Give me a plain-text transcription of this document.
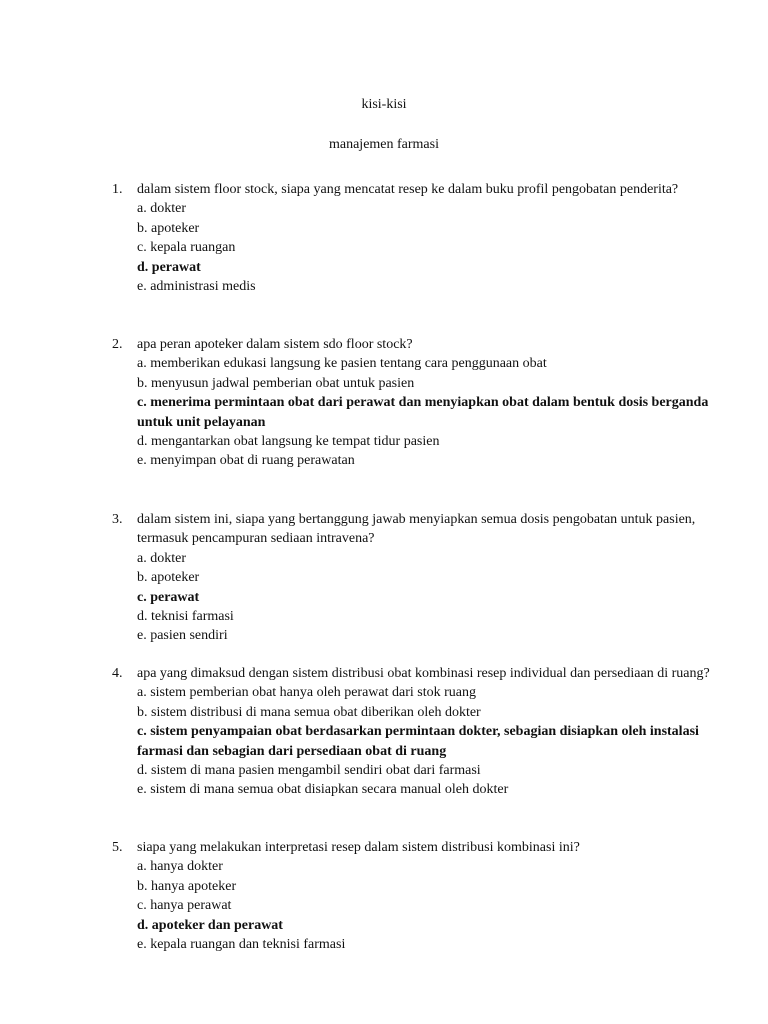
kisi-kisi
manajemen farmasi
1.	dalam sistem floor stock, siapa yang mencatat resep ke dalam buku profil pengobatan penderita?
a. dokter
b. apoteker
c. kepala ruangan
d. perawat
e. administrasi medis
2.	apa peran apoteker dalam sistem sdo floor stock?
a. memberikan edukasi langsung ke pasien tentang cara penggunaan obat
b. menyusun jadwal pemberian obat untuk pasien
c. menerima permintaan obat dari perawat dan menyiapkan obat dalam bentuk dosis berganda untuk unit pelayanan
d. mengantarkan obat langsung ke tempat tidur pasien
e. menyimpan obat di ruang perawatan
3.	dalam sistem ini, siapa yang bertanggung jawab menyiapkan semua dosis pengobatan untuk pasien, termasuk pencampuran sediaan intravena?
a. dokter
b. apoteker
c. perawat
d. teknisi farmasi
e. pasien sendiri
4.	apa yang dimaksud dengan sistem distribusi obat kombinasi resep individual dan persediaan di ruang?
a. sistem pemberian obat hanya oleh perawat dari stok ruang
b. sistem distribusi di mana semua obat diberikan oleh dokter
c. sistem penyampaian obat berdasarkan permintaan dokter, sebagian disiapkan oleh instalasi farmasi dan sebagian dari persediaan obat di ruang
d. sistem di mana pasien mengambil sendiri obat dari farmasi
e. sistem di mana semua obat disiapkan secara manual oleh dokter
5.	siapa yang melakukan interpretasi resep dalam sistem distribusi kombinasi ini?
a. hanya dokter
b. hanya apoteker
c. hanya perawat
d. apoteker dan perawat
e. kepala ruangan dan teknisi farmasi
